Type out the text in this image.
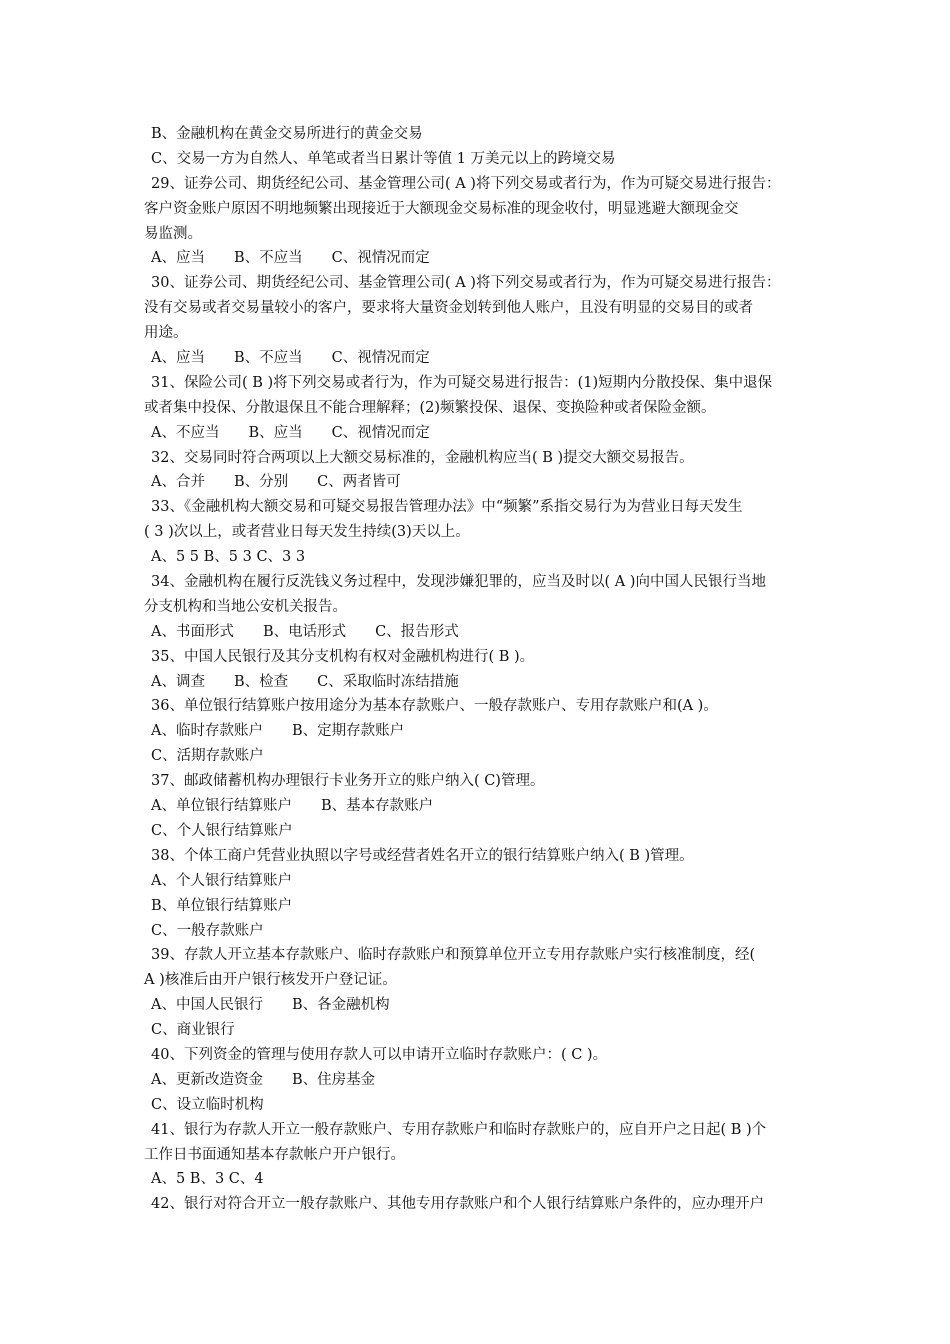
B、金融机构在黄金交易所进行的黄金交易
C、交易一方为自然人、单笔或者当日累计等值 1 万美元以上的跨境交易
29、证券公司、期货经纪公司、基金管理公司( A )将下列交易或者行为，作为可疑交易进行报告：
客户资金账户原因不明地频繁出现接近于大额现金交易标准的现金收付，明显逃避大额现金交
易监测。
A、应当　　B、不应当　　C、视情况而定
30、证券公司、期货经纪公司、基金管理公司( A )将下列交易或者行为，作为可疑交易进行报告：
没有交易或者交易量较小的客户，要求将大量资金划转到他人账户，且没有明显的交易目的或者
用途。
A、应当　　B、不应当　　C、视情况而定
31、保险公司( B )将下列交易或者行为，作为可疑交易进行报告：(1)短期内分散投保、集中退保
或者集中投保、分散退保且不能合理解释；(2)频繁投保、退保、变换险种或者保险金额。
A、不应当　　B、应当　　C、视情况而定
32、交易同时符合两项以上大额交易标准的，金融机构应当( B )提交大额交易报告。
A、合并　　B、分别　　C、两者皆可
33、《金融机构大额交易和可疑交易报告管理办法》中“频繁”系指交易行为为营业日每天发生
( 3 )次以上，或者营业日每天发生持续(3)天以上。
A、5 5 B、5 3 C、3 3
34、金融机构在履行反洗钱义务过程中，发现涉嫌犯罪的，应当及时以( A )向中国人民银行当地
分支机构和当地公安机关报告。
A、书面形式　　B、电话形式　　C、报告形式
35、中国人民银行及其分支机构有权对金融机构进行( B )。
A、调查　　B、检查　　C、采取临时冻结措施
36、单位银行结算账户按用途分为基本存款账户、一般存款账户、专用存款账户和(A )。
A、临时存款账户　　B、定期存款账户
C、活期存款账户
37、邮政储蓄机构办理银行卡业务开立的账户纳入( C)管理。
A、单位银行结算账户　　B、基本存款账户
C、个人银行结算账户
38、个体工商户凭营业执照以字号或经营者姓名开立的银行结算账户纳入( B )管理。
A、个人银行结算账户
B、单位银行结算账户
C、一般存款账户
39、存款人开立基本存款账户、临时存款账户和预算单位开立专用存款账户实行核准制度，经(
A )核准后由开户银行核发开户登记证。
A、中国人民银行　　B、各金融机构
C、商业银行
40、下列资金的管理与使用存款人可以申请开立临时存款账户：( C )。
A、更新改造资金　　B、住房基金
C、设立临时机构
41、银行为存款人开立一般存款账户、专用存款账户和临时存款账户的，应自开户之日起( B )个
工作日书面通知基本存款帐户开户银行。
A、5 B、3 C、4
42、银行对符合开立一般存款账户、其他专用存款账户和个人银行结算账户条件的，应办理开户
